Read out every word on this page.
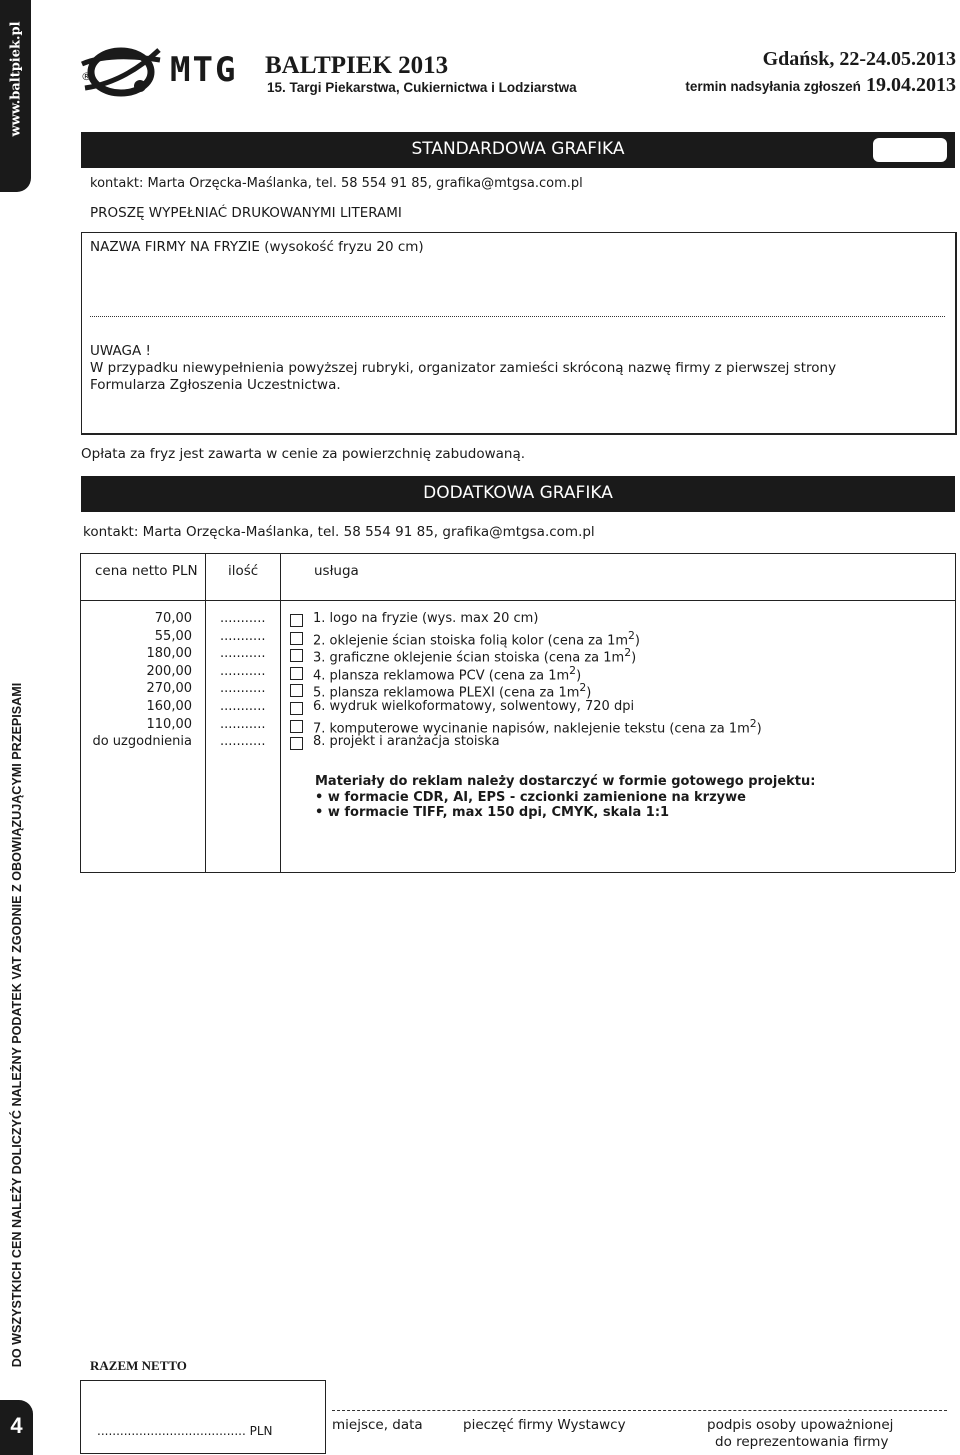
www.baltpiek.pl
DO WSZYSTKICH CEN NALEŻY DOLICZYĆ NALEŻNY PODATEK VAT ZGODNIE Z OBOWIĄZUJĄCYMI PRZEPISAMI
4
® MTG BALTPIEK 2013
15. Targi Piekarstwa, Cukiernictwa i Lodziarstwa
Gdańsk, 22-24.05.2013
termin nadsyłania zgłoszeń 19.04.2013
STANDARDOWA GRAFIKA
kontakt: Marta Orzęcka-Maślanka, tel. 58 554 91 85, grafika@mtgsa.com.pl
PROSZĘ WYPEŁNIAĆ DRUKOWANYMI LITERAMI
NAZWA FIRMY NA FRYZIE (wysokość fryzu 20 cm)
UWAGA !
W przypadku niewypełnienia powyższej rubryki, organizator zamieści skróconą nazwę firmy z pierwszej strony
Formularza Zgłoszenia Uczestnictwa.
Opłata za fryz jest zawarta w cenie za powierzchnię zabudowaną.
DODATKOWA GRAFIKA
kontakt: Marta Orzęcka-Maślanka, tel. 58 554 91 85, grafika@mtgsa.com.pl
cena netto PLN ilość	usługa
70,00 ...........	1. logo na fryzie (wys. max 20 cm)
55,00 ...........	2. oklejenie ścian stoiska folią kolor (cena za $1m^2$)
180,00 ...........	3. graficzne oklejenie ścian stoiska (cena za $1m^2$)
200,00 ...........	4. plansza reklamowa PCV (cena za $1m^2$)
270,00 ...........	5. plansza reklamowa PLEXI (cena za $1m^2$)
160,00 ...........	6. wydruk wielkoformatowy, solwentowy, 720 dpi
110,00 ...........	7. komputerowe wycinanie napisów, naklejenie tekstu (cena za $1m^2$)
do uzgodnienia ...........	8. projekt i aranżacja stoiska
Materiały do reklam należy dostarczyć w formie gotowego projektu:
• w formacie CDR, AI, EPS - czcionki zamienione na krzywe
• w formacie TIFF, max 150 dpi, CMYK, skala 1:1
RAZEM NETTO
....................................... PLN	miejsce, data	pieczęć firmy Wystawcy	podpis osoby upoważnionej
do reprezentowania firmy
